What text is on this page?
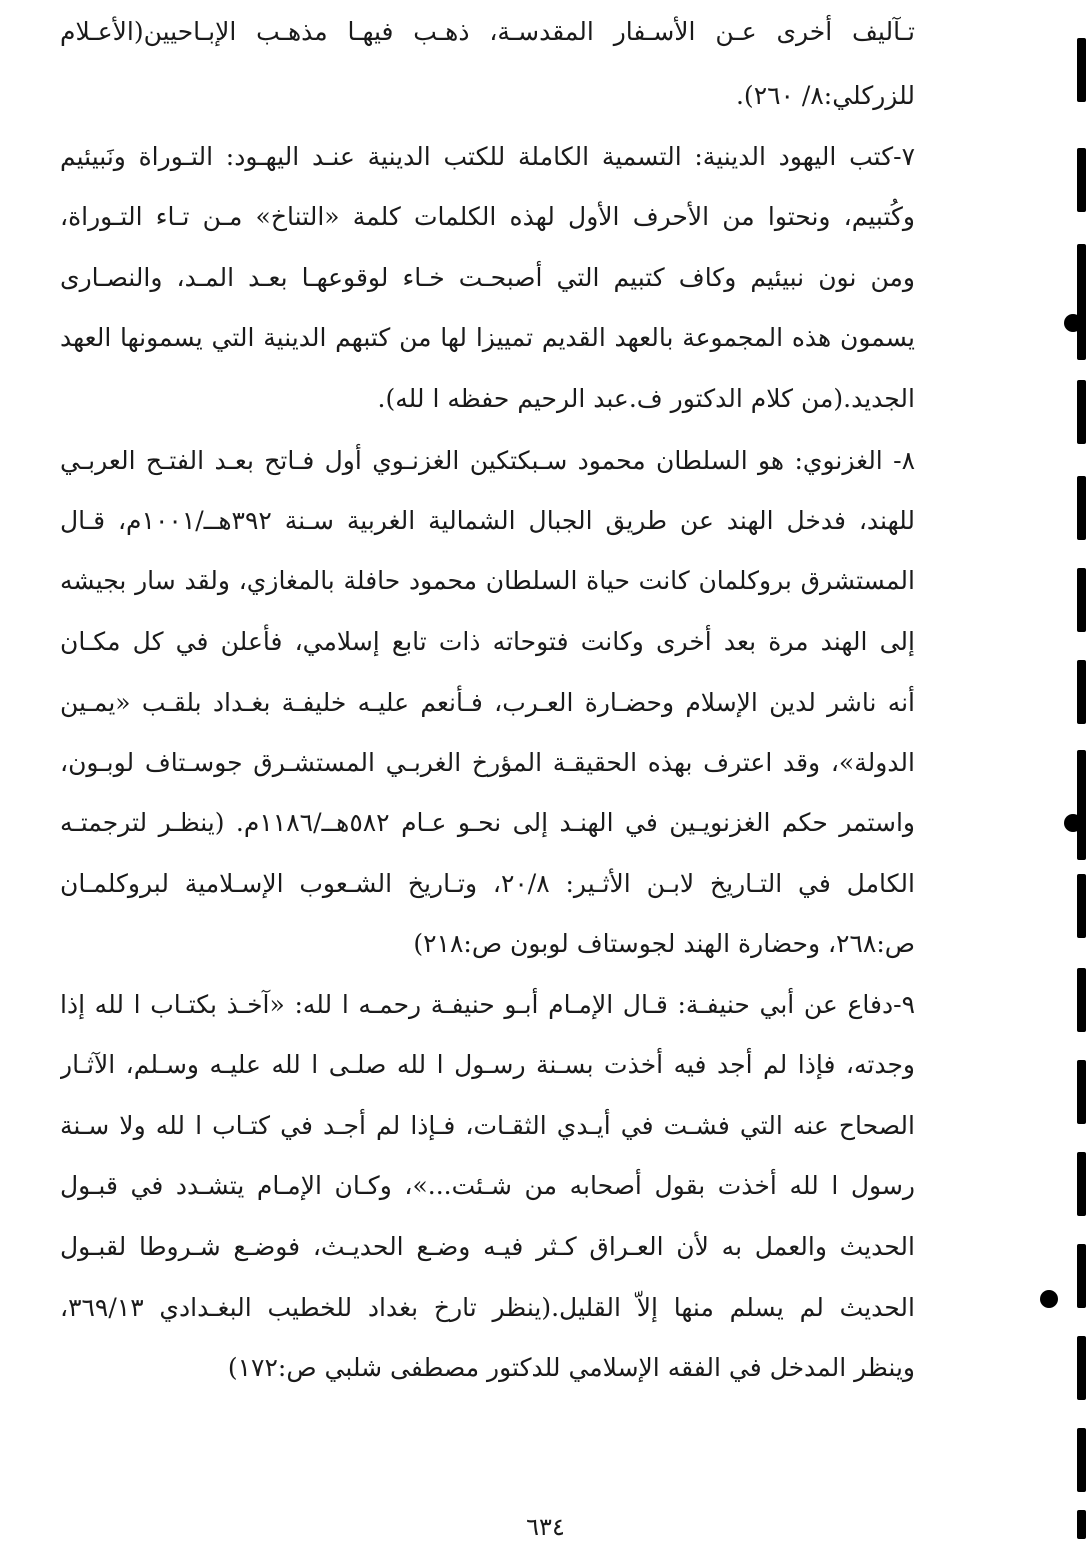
تـآليف أخرى عـن الأسـفار المقدسـة، ذهـب فيهـا مذهـب الإبـاحيين(الأعـلام
للزركلي:٨/ ٢٦٠).
٧-كتب اليهود الدينية: التسمية الكاملة للكتب الدينية عنـد اليهـود: التـوراة ونَبيئيم
وكُتبيم، ونحتوا من الأحرف الأول لهذه الكلمات كلمة «التناخ» مـن تـاء التـوراة،
ومن نون نبيئيم وكاف كتبيم التي أصبحـت خـاء لوقوعهـا بعـد المـد، والنصـارى
يسمون هذه المجموعة بالعهد القديم تمييزا لها من كتبهم الدينية التي يسمونها العهد
الجديد.(من كلام الدكتور ف.عبد الرحيم حفظه ا لله).
٨- الغزنوي: هو السلطان محمود سـبكتكين الغزنـوي أول فـاتح بعـد الفتـح العربـي
للهند، فدخل الهند عن طريق الجبال الشمالية الغربية سـنة ٣٩٢هــ/١٠٠١م، قـال
المستشرق بروكلمان كانت حياة السلطان محمود حافلة بالمغازي، ولقد سار بجيشه
إلى الهند مرة بعد أخرى وكانت فتوحاته ذات تابع إسلامي، فأعلن في كل مكـان
أنه ناشر لدين الإسلام وحضـارة العـرب، فـأنعم عليـه خليفـة بغـداد بلقـب «يمـين
الدولة»، وقد اعترف بهذه الحقيقـة المؤرخ الغربـي المستشـرق جوسـتاف لوبـون،
واستمر حكم الغزنويـين في الهنـد إلى نحـو عـام ٥٨٢هــ/١١٨٦م. (ينظـر لترجمتـه
الكامل في التـاريخ لابـن الأثـير: ٢٠/٨، وتـاريخ الشـعوب الإسـلامية لبروكلمـان
ص:٢٦٨، وحضارة الهند لجوستاف لوبون ص:٢١٨)
٩-دفاع عن أبي حنيفـة: قـال الإمـام أبـو حنيفـة رحمـه ا لله: «آخـذ بكتـاب ا لله إذا
وجدته، فإذا لم أجد فيه أخذت بسـنة رسـول ا لله صلـى ا لله عليـه وسـلم، الآثـار
الصحاح عنه التي فشـت في أيـدي الثقـات، فـإذا لم أجـد في كتـاب ا لله ولا سـنة
رسول ا لله أخذت بقول أصحابه من شـئت...»، وكـان الإمـام يتشـدد في قبـول
الحديث والعمل به لأن العـراق كـثر فيـه وضـع الحديـث، فوضـع شـروطا لقبـول
الحديث لم يسلم منها إلاّ القليل.(ينظر تارخ بغداد للخطيب البغـدادي ٣٦٩/١٣،
وينظر المدخل في الفقه الإسلامي للدكتور مصطفى شلبي ص:١٧٢)
٦٣٤
